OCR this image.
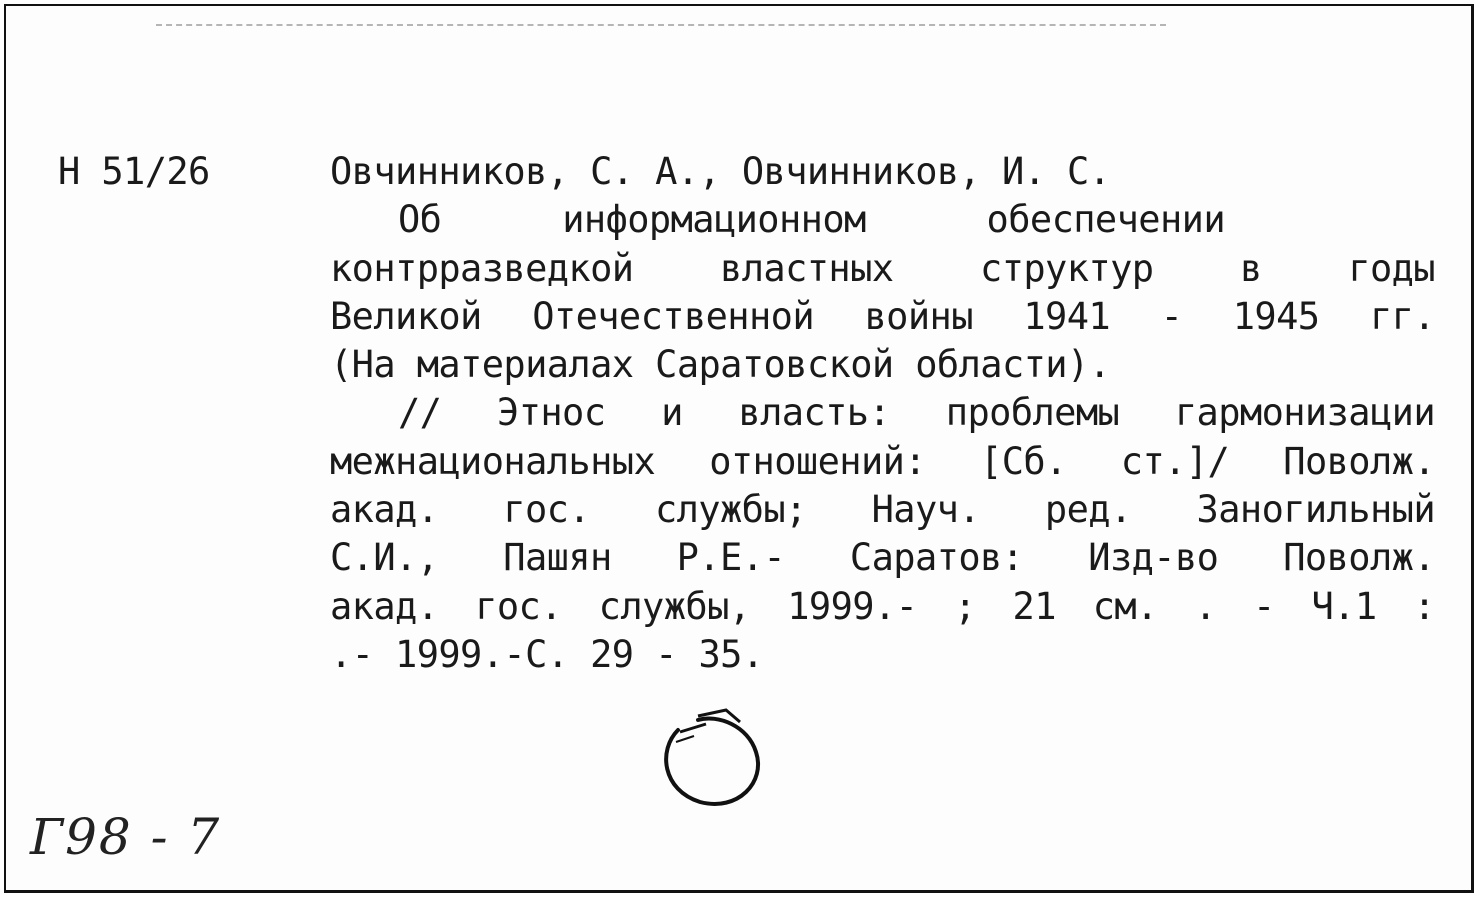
Н 51/26	Овчинников, С. А., Овчинников, И. С.
Об информационном обеспечении
контрразведкой властных структур в годы
Великой Отечественной войны 1941 - 1945 гг.
(На материалах Саратовской области).
// Этнос и власть: проблемы гармонизации
межнациональных отношений: [Сб. ст.]/ Поволж.
акад. гос. службы; Науч. ред. Заногильный
С.И., Пашян Р.Е.- Саратов: Изд-во Поволж.
акад. гос. службы, 1999.- ; 21 см. . - Ч.1 :
.- 1999.-С. 29 - 35.
Г98 - 7
